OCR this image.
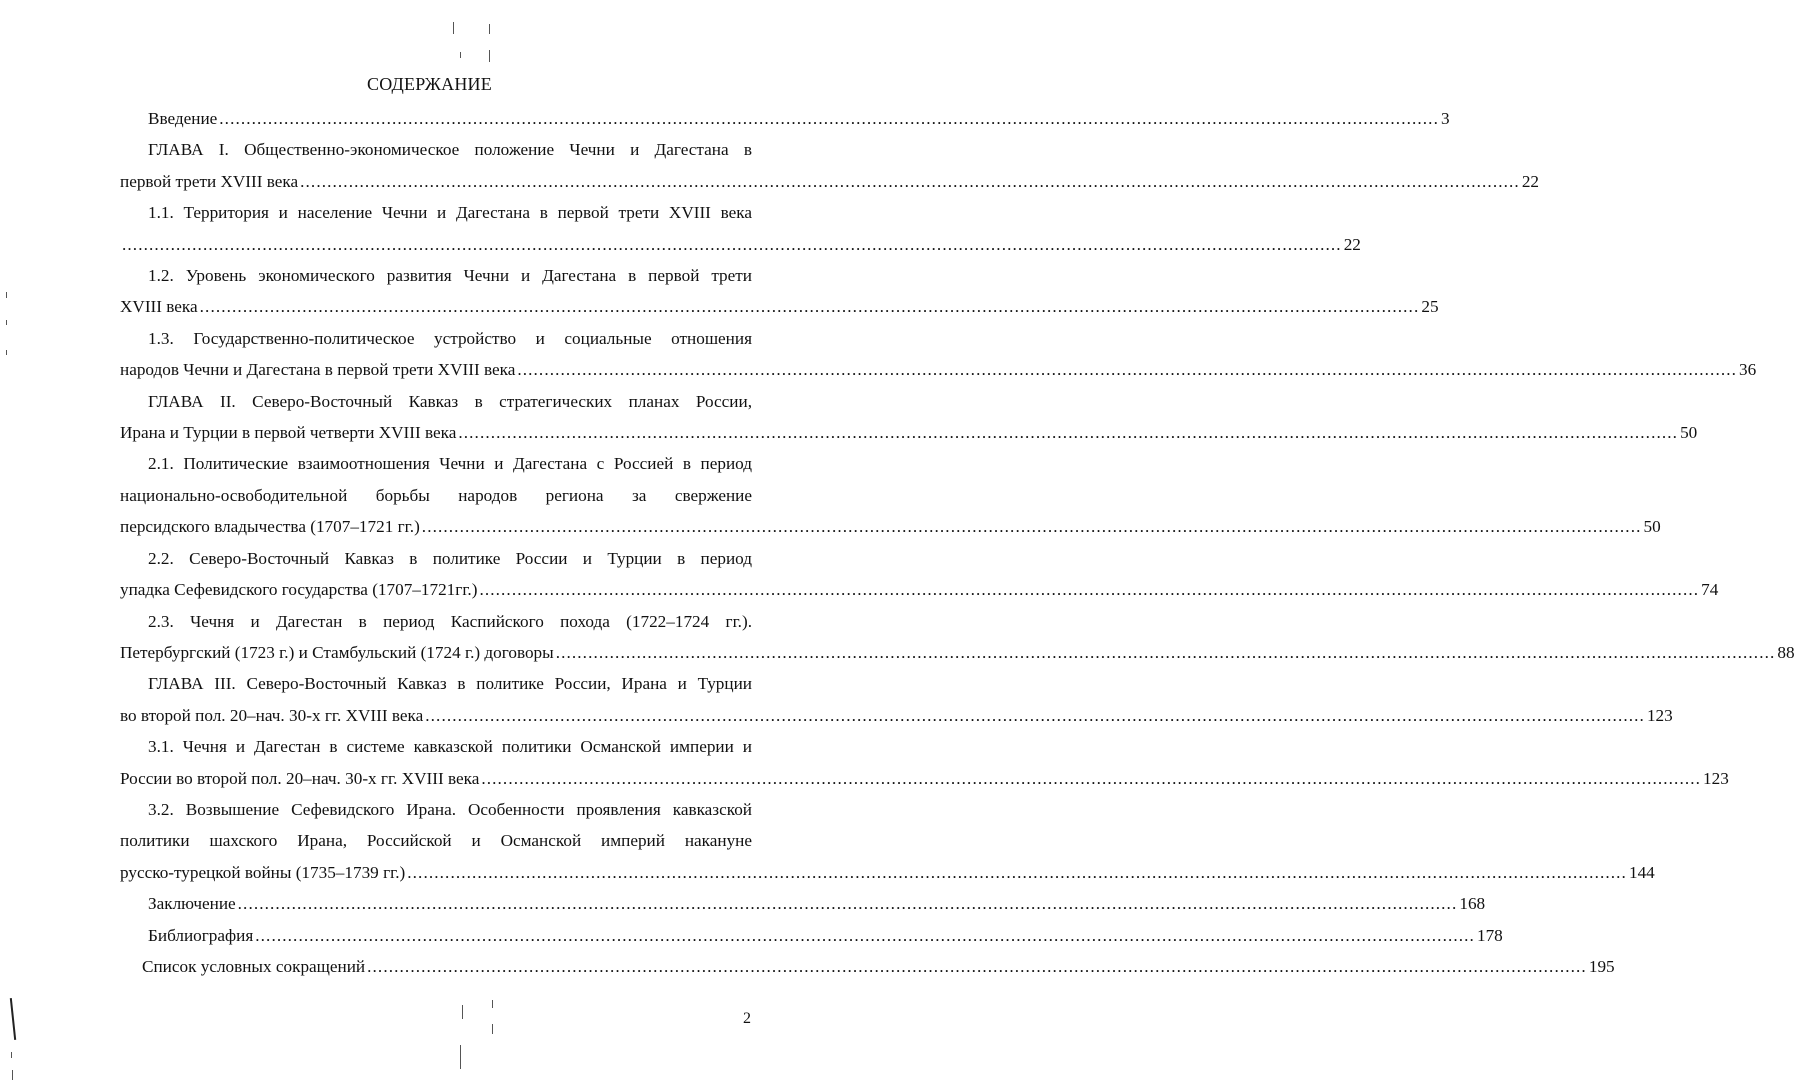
СОДЕРЖАНИЕ
Введение .....	3
ГЛАВА I. Общественно-экономическое положение Чечни и Дагестана в
первой трети XVIII века .....	22
1.1. Территория и население Чечни и Дагестана в первой трети XVIII века
..... 22
1.2. Уровень экономического развития Чечни и Дагестана в первой трети
XVIII века .....	25
1.3. Государственно-политическое устройство и социальные отношения
народов Чечни и Дагестана в первой трети XVIII века .....	36
ГЛАВА II. Северо-Восточный Кавказ в стратегических планах России,
Ирана и Турции в первой четверти XVIII века .....	50
2.1. Политические взаимоотношения Чечни и Дагестана с Россией в период
национально-освободительной борьбы народов региона за свержение
персидского владычества (1707–1721 гг.) .....	50
2.2. Северо-Восточный Кавказ в политике России и Турции в период
упадка Сефевидского государства (1707–1721гг.) .....	74
2.3. Чечня и Дагестан в период Каспийского похода (1722–1724 гг.).
Петербургский (1723 г.) и Стамбульский (1724 г.) договоры .....	88
ГЛАВА III. Северо-Восточный Кавказ в политике России, Ирана и Турции
во второй пол. 20–нач. 30-х гг. XVIII века .....	123
3.1. Чечня и Дагестан в системе кавказской политики Османской империи и
России во второй пол. 20–нач. 30-х гг. XVIII века .....	123
3.2. Возвышение Сефевидского Ирана. Особенности проявления кавказской
политики шахского Ирана, Российской и Османской империй накануне
русско-турецкой войны (1735–1739 гг.) .....	144
Заключение .....	168
Библиография .....	178
Список условных сокращений .....	195
2
